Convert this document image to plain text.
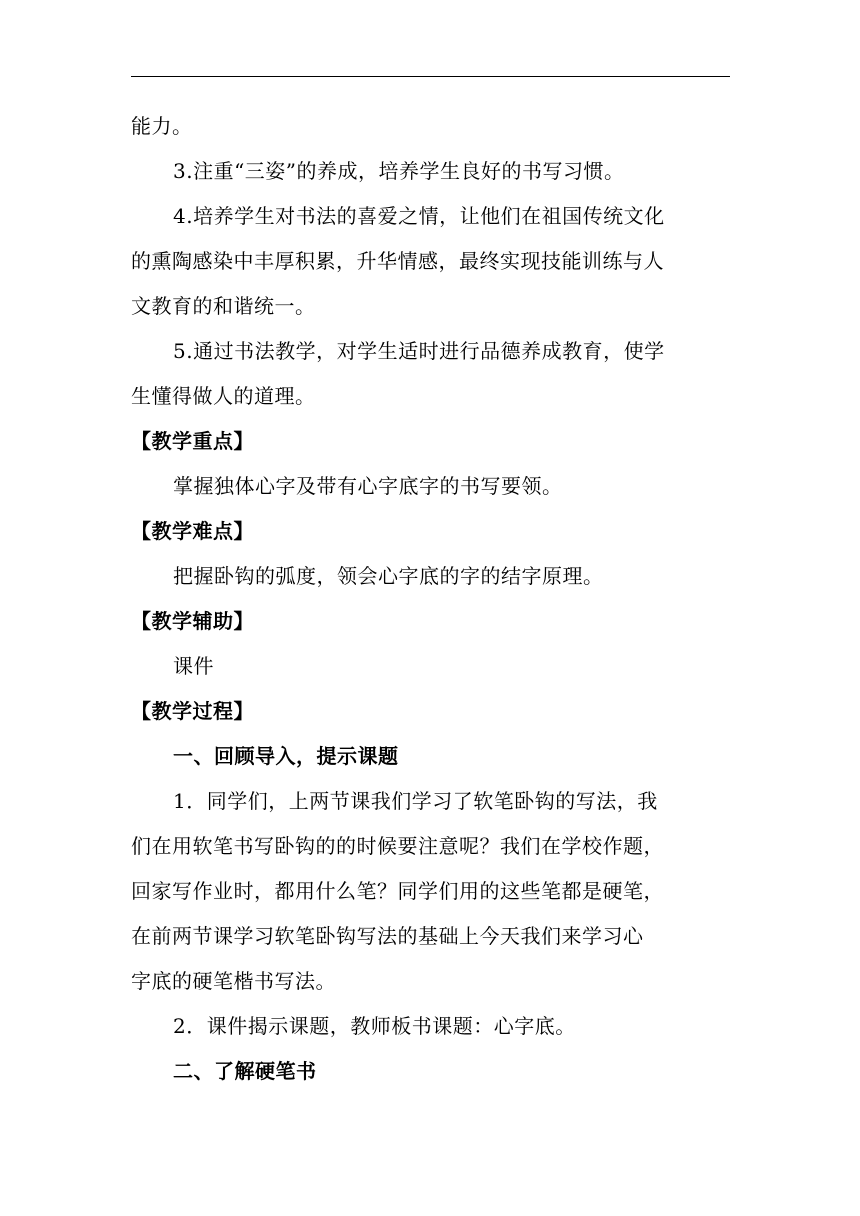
能力。

3.注重“三姿”的养成，培养学生良好的书写习惯。

4.培养学生对书法的喜爱之情，让他们在祖国传统文化

的熏陶感染中丰厚积累，升华情感，最终实现技能训练与人
文教育的和谐统一。

5.通过书法教学，对学生适时进行品德养成教育，使学

生懂得做人的道理。

【教学重点】

掌握独体心字及带有心字底字的书写要领。

【教学难点】

把握卧钩的弧度，领会心字底的字的结字原理。

【教学辅助】

课件

【教学过程】
一、回顾导入，提示课题

1．同学们，上两节课我们学习了软笔卧钩的写法，我

们在用软笔书写卧钩的的时候要注意呢？我们在学校作题，
回家写作业时，都用什么笔？同学们用的这些笔都是硬笔，
在前两节课学习软笔卧钩写法的基础上今天我们来学习心
字底的硬笔楷书写法。

2．课件揭示课题，教师板书课题：心字底。

二、了解硬笔书
